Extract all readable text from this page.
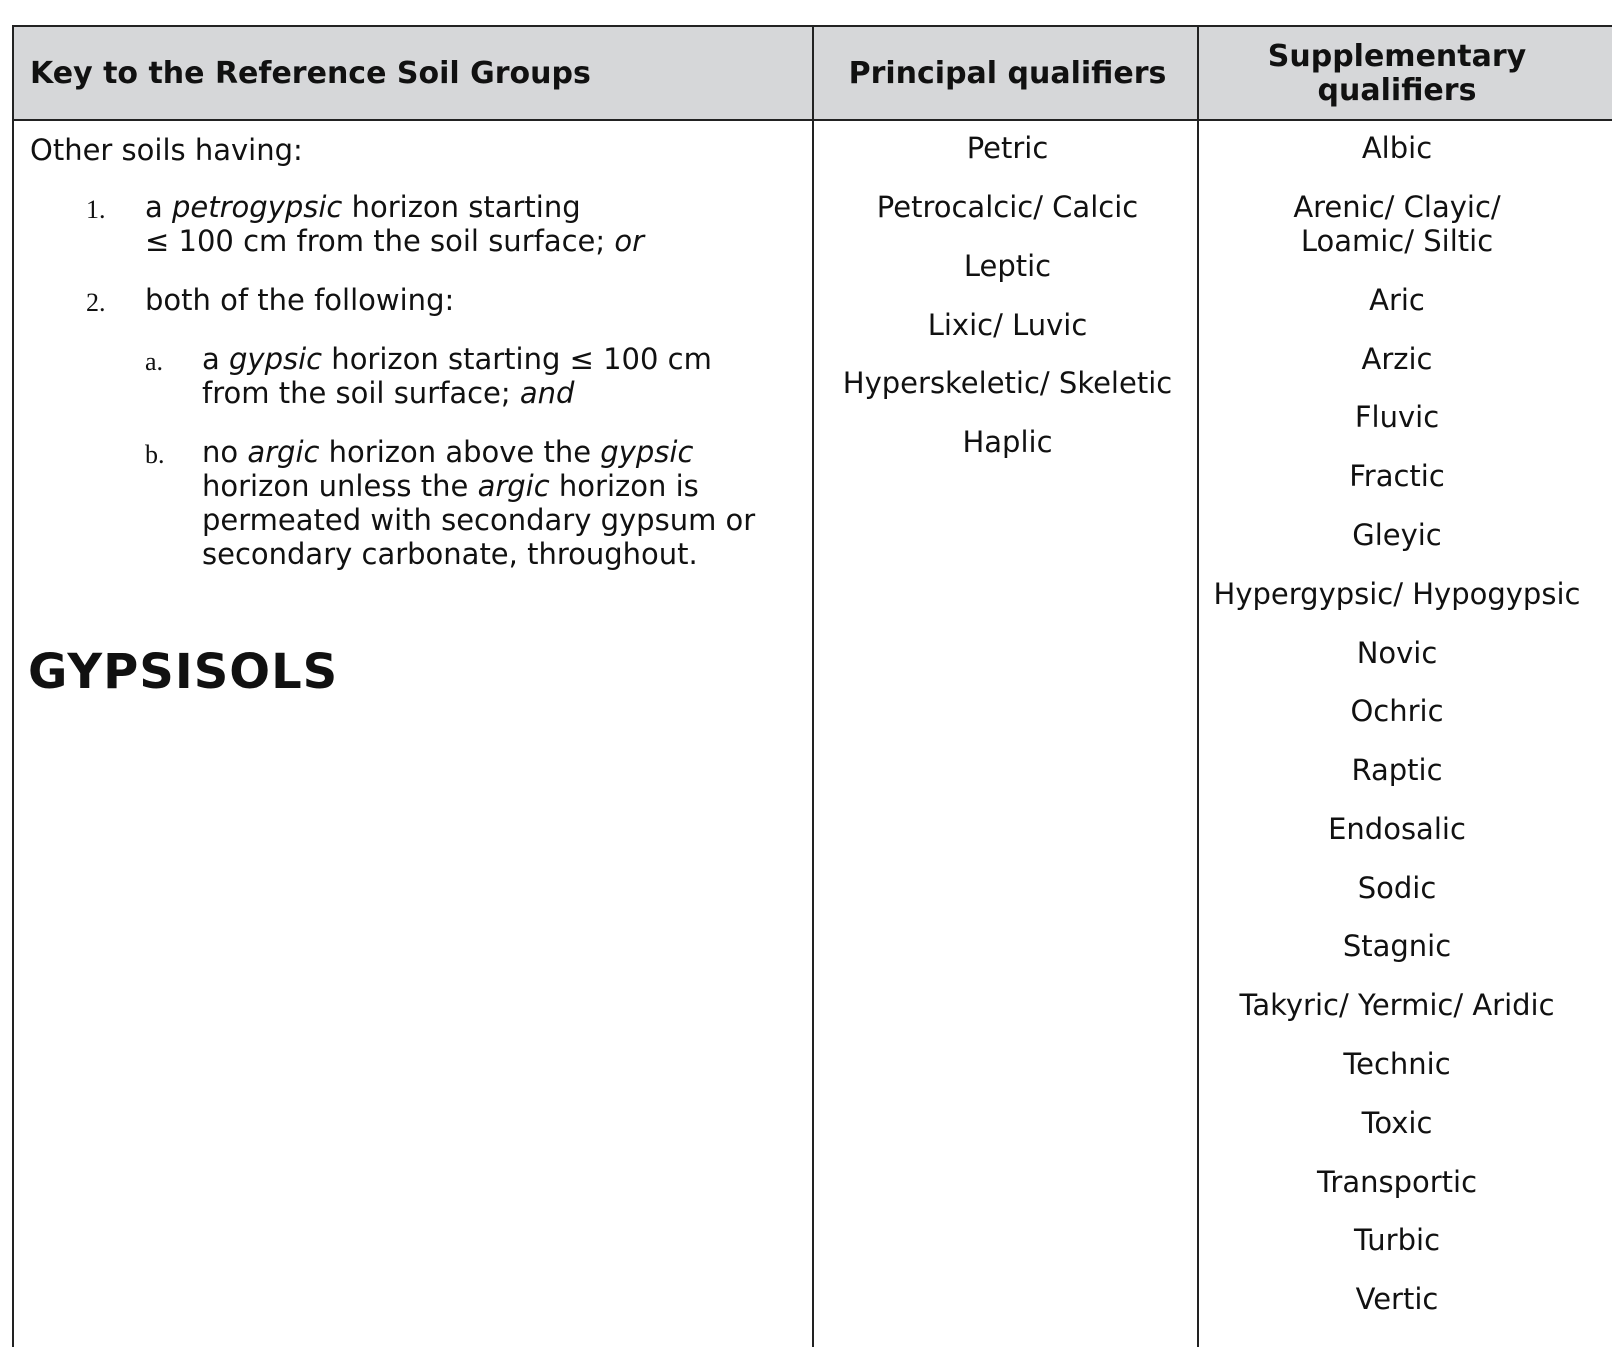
Key to the Reference Soil Groups	Principal qualifiers	Supplementary
qualifiers
Other soils having:
1. a petrogypsic horizon starting
≤ 100 cm from the soil surface; or
2. both of the following:
a. a gypsic horizon starting ≤ 100 cm
from the soil surface; and
b. no argic horizon above the gypsic
horizon unless the argic horizon is
permeated with secondary gypsum or
secondary carbonate, throughout.
GYPSISOLS
Petric
Petrocalcic/ Calcic
Leptic
Lixic/ Luvic
Hyperskeletic/ Skeletic
Haplic
Albic
Arenic/ Clayic/
Loamic/ Siltic
Aric
Arzic
Fluvic
Fractic
Gleyic
Hypergypsic/ Hypogypsic
Novic
Ochric
Raptic
Endosalic
Sodic
Stagnic
Takyric/ Yermic/ Aridic
Technic
Toxic
Transportic
Turbic
Vertic
